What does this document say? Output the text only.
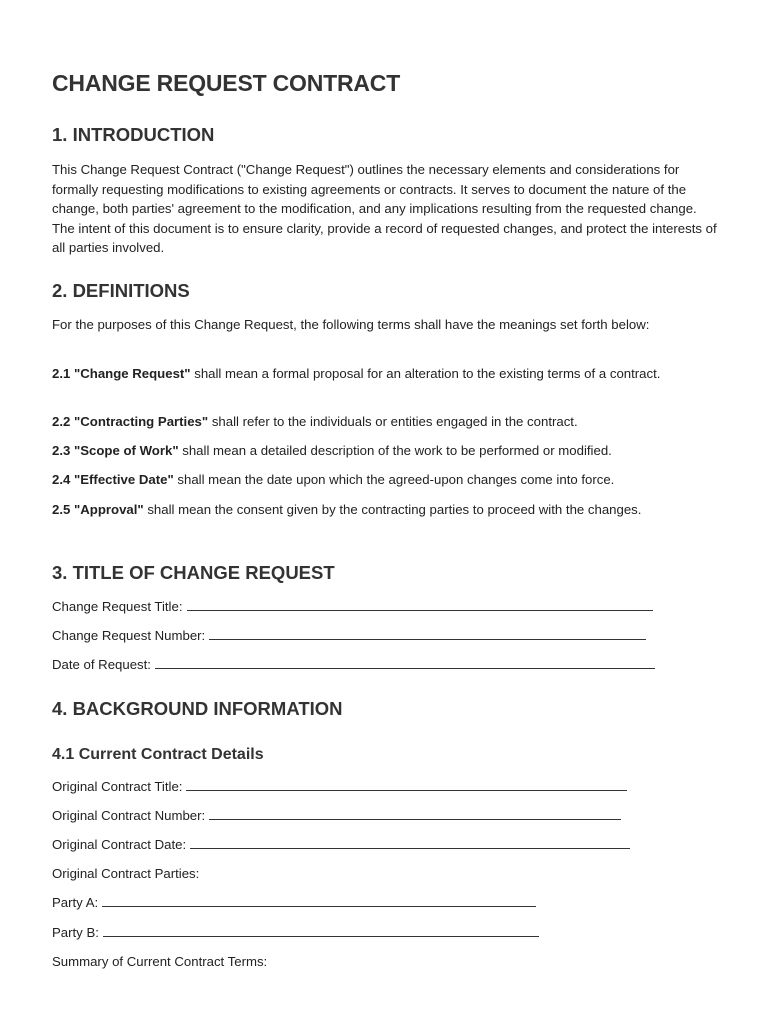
CHANGE REQUEST CONTRACT
1. INTRODUCTION

This Change Request Contract ("Change Request") outlines the necessary elements and considerations for formally requesting modifications to existing agreements or contracts. It serves to document the nature of the change, both parties' agreement to the modification, and any implications resulting from the requested change. The intent of this document is to ensure clarity, provide a record of requested changes, and protect the interests of all parties involved.

2. DEFINITIONS

For the purposes of this Change Request, the following terms shall have the meanings set forth below:

2.1 "Change Request" shall mean a formal proposal for an alteration to the existing terms of a contract.

2.2 "Contracting Parties" shall refer to the individuals or entities engaged in the contract.

2.3 "Scope of Work" shall mean a detailed description of the work to be performed or modified.

2.4 "Effective Date" shall mean the date upon which the agreed-upon changes come into force.

2.5 "Approval" shall mean the consent given by the contracting parties to proceed with the changes.

3. TITLE OF CHANGE REQUEST
Change Request Title:
Change Request Number:
Date of Request:
4. BACKGROUND INFORMATION
4.1 Current Contract Details
Original Contract Title:
Original Contract Number:
Original Contract Date:
Original Contract Parties:
Party A:
Party B:
Summary of Current Contract Terms:
